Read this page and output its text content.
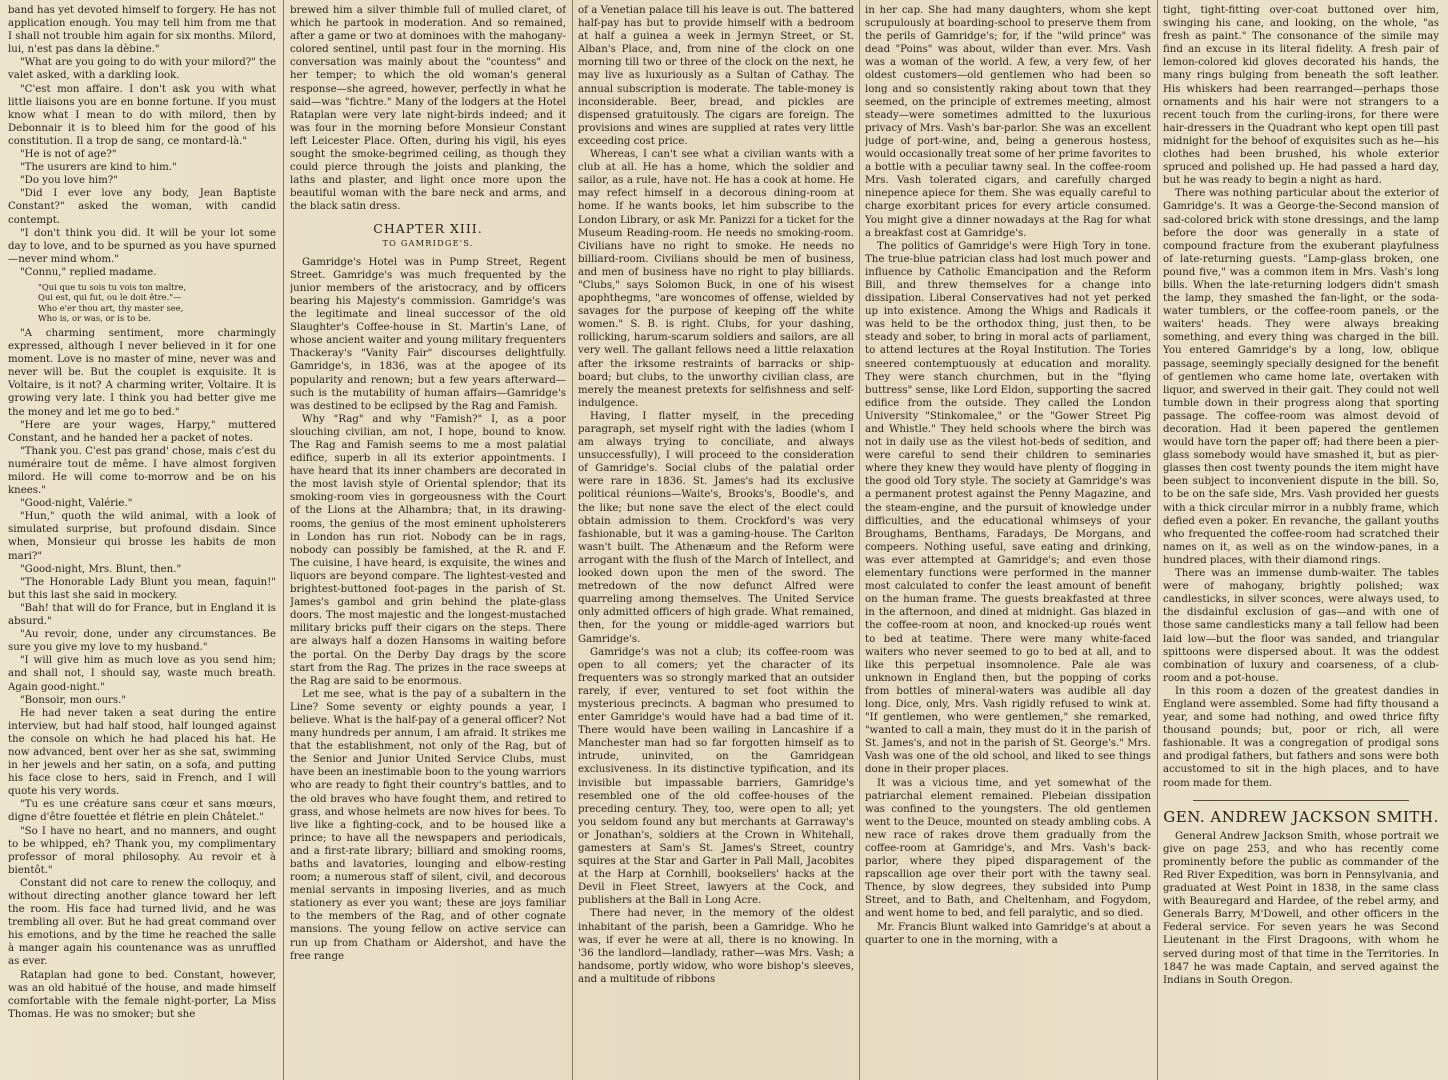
band has yet devoted himself to forgery. He has not application enough. You may tell him from me that I shall not trouble him again for six months. Milord, lui, n'est pas dans la dèbine."

"What are you going to do with your milord?" the valet asked, with a darkling look.

"C'est mon affaire. I don't ask you with what little liaisons you are en bonne fortune. If you must know what I mean to do with milord, then by Debonnair it is to bleed him for the good of his constitution. Il a trop de sang, ce montard-là."

"He is not of age?"

"The usurers are kind to him."

"Do you love him?"

"Did I ever love any body, Jean Baptiste Constant?" asked the woman, with candid contempt.

"I don't think you did. It will be your lot some day to love, and to be spurned as you have spurned—never mind whom."

"Connu," replied madame.

"Qui que tu sois tu vois ton maître,
Qui est, qui fut, ou le doit être."—
Who e'er thou art, thy master see,
Who is, or was, or is to be.

"A charming sentiment, more charmingly expressed, although I never believed in it for one moment. Love is no master of mine, never was and never will be. But the couplet is exquisite. It is Voltaire, is it not? A charming writer, Voltaire. It is growing very late. I think you had better give me the money and let me go to bed."

"Here are your wages, Harpy," muttered Constant, and he handed her a packet of notes.

"Thank you. C'est pas grand' chose, mais c'est du numéraire tout de même. I have almost forgiven milord. He will come to-morrow and be on his knees."

"Good-night, Valérie."

"Hun," quoth the wild animal, with a look of simulated surprise, but profound disdain. Since when, Monsieur qui brosse les habits de mon mari?"

"Good-night, Mrs. Blunt, then."

"The Honorable Lady Blunt you mean, faquin!" but this last she said in mockery.

"Bah! that will do for France, but in England it is absurd."

"Au revoir, done, under any circumstances. Be sure you give my love to my husband."

"I will give him as much love as you send him; and shall not, I should say, waste much breath. Again good-night."

"Bonsoir, mon ours."

He had never taken a seat during the entire interview, but had half stood, half lounged against the console on which he had placed his hat. He now advanced, bent over her as she sat, swimming in her jewels and her satin, on a sofa, and putting his face close to hers, said in French, and I will quote his very words.

"Tu es une créature sans cœur et sans mœurs, digne d'être fouettée et flétrie en plein Châtelet."

"So I have no heart, and no manners, and ought to be whipped, eh? Thank you, my complimentary professor of moral philosophy. Au revoir et à bientôt."

Constant did not care to renew the colloquy, and without directing another glance toward her left the room. His face had turned livid, and he was trembling all over. But he had great command over his emotions, and by the time he reached the salle à manger again his countenance was as unruffled as ever.

Rataplan had gone to bed. Constant, however, was an old habitué of the house, and made himself comfortable with the female night-porter, La Miss Thomas. He was no smoker; but she

brewed him a silver thimble full of mulled claret, of which he partook in moderation. And so remained, after a game or two at dominoes with the mahogany-colored sentinel, until past four in the morning. His conversation was mainly about the "countess" and her temper; to which the old woman's general response—she agreed, however, perfectly in what he said—was "fichtre." Many of the lodgers at the Hotel Rataplan were very late night-birds indeed; and it was four in the morning before Monsieur Constant left Leicester Place. Often, during his vigil, his eyes sought the smoke-begrimed ceiling, as though they could pierce through the joists and planking, the laths and plaster, and light once more upon the beautiful woman with the bare neck and arms, and the black satin dress.

CHAPTER XIII.
TO GAMRIDGE'S.

Gamridge's Hotel was in Pump Street, Regent Street. Gamridge's was much frequented by the junior members of the aristocracy, and by officers bearing his Majesty's commission. Gamridge's was the legitimate and lineal successor of the old Slaughter's Coffee-house in St. Martin's Lane, of whose ancient waiter and young military frequenters Thackeray's "Vanity Fair" discourses delightfully. Gamridge's, in 1836, was at the apogee of its popularity and renown; but a few years afterward—such is the mutability of human affairs—Gamridge's was destined to be eclipsed by the Rag and Famish.

Why "Rag" and why "Famish?" I, as a poor slouching civilian, am not, I hope, bound to know. The Rag and Famish seems to me a most palatial edifice, superb in all its exterior appointments. I have heard that its inner chambers are decorated in the most lavish style of Oriental splendor; that its smoking-room vies in gorgeousness with the Court of the Lions at the Alhambra; that, in its drawing-rooms, the genius of the most eminent upholsterers in London has run riot. Nobody can be in rags, nobody can possibly be famished, at the R. and F. The cuisine, I have heard, is exquisite, the wines and liquors are beyond compare. The lightest-vested and brightest-buttoned foot-pages in the parish of St. James's gambol and grin behind the plate-glass doors. The most majestic and the longest-mustached military bricks puff their cigars on the steps. There are always half a dozen Hansoms in waiting before the portal. On the Derby Day drags by the score start from the Rag. The prizes in the race sweeps at the Rag are said to be enormous.

Let me see, what is the pay of a subaltern in the Line? Some seventy or eighty pounds a year, I believe. What is the half-pay of a general officer? Not many hundreds per annum, I am afraid. It strikes me that the establishment, not only of the Rag, but of the Senior and Junior United Service Clubs, must have been an inestimable boon to the young warriors who are ready to fight their country's battles, and to the old braves who have fought them, and retired to grass, and whose helmets are now hives for bees. To live like a fighting-cock, and to be housed like a prince; to have all the newspapers and periodicals, and a first-rate library; billiard and smoking rooms, baths and lavatories, lounging and elbow-resting room; a numerous staff of silent, civil, and decorous menial servants in imposing liveries, and as much stationery as ever you want; these are joys familiar to the members of the Rag, and of other cognate mansions. The young fellow on active service can run up from Chatham or Aldershot, and have the free range

of a Venetian palace till his leave is out. The battered half-pay has but to provide himself with a bedroom at half a guinea a week in Jermyn Street, or St. Alban's Place, and, from nine of the clock on one morning till two or three of the clock on the next, he may live as luxuriously as a Sultan of Cathay. The annual subscription is moderate. The table-money is inconsiderable. Beer, bread, and pickles are dispensed gratuitously. The cigars are foreign. The provisions and wines are supplied at rates very little exceeding cost price.

Whereas, I can't see what a civilian wants with a club at all. He has a home, which the soldier and sailor, as a rule, have not. He has a cook at home. He may refect himself in a decorous dining-room at home. If he wants books, let him subscribe to the London Library, or ask Mr. Panizzi for a ticket for the Museum Reading-room. He needs no smoking-room. Civilians have no right to smoke. He needs no billiard-room. Civilians should be men of business, and men of business have no right to play billiards. "Clubs," says Solomon Buck, in one of his wisest apophthegms, "are woncomes of offense, wielded by savages for the purpose of keeping off the white women." S. B. is right. Clubs, for your dashing, rollicking, harum-scarum soldiers and sailors, are all very well. The gallant fellows need a little relaxation after the irksome restraints of barracks or ship-board; but clubs, to the unworthy civilian class, are merely the meanest pretexts for selfishness and self-indulgence.

Having, I flatter myself, in the preceding paragraph, set myself right with the ladies (whom I am always trying to conciliate, and always unsuccessfully), I will proceed to the consideration of Gamridge's. Social clubs of the palatial order were rare in 1836. St. James's had its exclusive political réunions—Waite's, Brooks's, Boodle's, and the like; but none save the elect of the elect could obtain admission to them. Crockford's was very fashionable, but it was a gaming-house. The Carlton wasn't built. The Athenæum and the Reform were arrogant with the flush of the March of Intellect, and looked down upon the men of the sword. The metredown of the now defunct Alfred were quarreling among themselves. The United Service only admitted officers of high grade. What remained, then, for the young or middle-aged warriors but Gamridge's.

Gamridge's was not a club; its coffee-room was open to all comers; yet the character of its frequenters was so strongly marked that an outsider rarely, if ever, ventured to set foot within the mysterious precincts. A bagman who presumed to enter Gamridge's would have had a bad time of it. There would have been wailing in Lancashire if a Manchester man had so far forgotten himself as to intrude, uninvited, on the Gamridgean exclusiveness. In its distinctive typification, and its invisible but impassable barriers, Gamridge's resembled one of the old coffee-houses of the preceding century. They, too, were open to all; yet you seldom found any but merchants at Garraway's or Jonathan's, soldiers at the Crown in Whitehall, gamesters at Sam's St. James's Street, country squires at the Star and Garter in Pall Mall, Jacobites at the Harp at Cornhill, booksellers' hacks at the Devil in Fleet Street, lawyers at the Cock, and publishers at the Ball in Long Acre.

There had never, in the memory of the oldest inhabitant of the parish, been a Gamridge. Who he was, if ever he were at all, there is no knowing. In '36 the landlord—landlady, rather—was Mrs. Vash; a handsome, portly widow, who wore bishop's sleeves, and a multitude of ribbons

in her cap. She had many daughters, whom she kept scrupulously at boarding-school to preserve them from the perils of Gamridge's; for, if the "wild prince" was dead "Poins" was about, wilder than ever. Mrs. Vash was a woman of the world. A few, a very few, of her oldest customers—old gentlemen who had been so long and so consistently raking about town that they seemed, on the principle of extremes meeting, almost steady—were sometimes admitted to the luxurious privacy of Mrs. Vash's bar-parlor. She was an excellent judge of port-wine, and, being a generous hostess, would occasionally treat some of her prime favorites to a bottle with a peculiar tawny seal. In the coffee-room Mrs. Vash tolerated cigars, and carefully charged ninepence apiece for them. She was equally careful to charge exorbitant prices for every article consumed. You might give a dinner nowadays at the Rag for what a breakfast cost at Gamridge's.

The politics of Gamridge's were High Tory in tone. The true-blue patrician class had lost much power and influence by Catholic Emancipation and the Reform Bill, and threw themselves for a change into dissipation. Liberal Conservatives had not yet perked up into existence. Among the Whigs and Radicals it was held to be the orthodox thing, just then, to be steady and sober, to bring in moral acts of parliament, to attend lectures at the Royal Institution. The Tories sneered contemptuously at education and morality. They were stanch churchmen, but in the "flying buttress" sense, like Lord Eldon, supporting the sacred edifice from the outside. They called the London University "Stinkomalee," or the "Gower Street Pig and Whistle." They held schools where the birch was not in daily use as the vilest hot-beds of sedition, and were careful to send their children to seminaries where they knew they would have plenty of flogging in the good old Tory style. The society at Gamridge's was a permanent protest against the Penny Magazine, and the steam-engine, and the pursuit of knowledge under difficulties, and the educational whimseys of your Broughams, Benthams, Faradays, De Morgans, and compeers. Nothing useful, save eating and drinking, was ever attempted at Gamridge's; and even those elementary functions were performed in the manner most calculated to confer the least amount of benefit on the human frame. The guests breakfasted at three in the afternoon, and dined at midnight. Gas blazed in the coffee-room at noon, and knocked-up roués went to bed at teatime. There were many white-faced waiters who never seemed to go to bed at all, and to like this perpetual insomnolence. Pale ale was unknown in England then, but the popping of corks from bottles of mineral-waters was audible all day long. Dice, only, Mrs. Vash rigidly refused to wink at. "If gentlemen, who were gentlemen," she remarked, "wanted to call a main, they must do it in the parish of St. James's, and not in the parish of St. George's." Mrs. Vash was one of the old school, and liked to see things done in their proper places.

It was a vicious time, and yet somewhat of the patriarchal element remained. Plebeian dissipation was confined to the youngsters. The old gentlemen went to the Deuce, mounted on steady ambling cobs. A new race of rakes drove them gradually from the coffee-room at Gamridge's, and Mrs. Vash's back-parlor, where they piped disparagement of the rapscallion age over their port with the tawny seal. Thence, by slow degrees, they subsided into Pump Street, and to Bath, and Cheltenham, and Fogydom, and went home to bed, and fell paralytic, and so died.

Mr. Francis Blunt walked into Gamridge's at about a quarter to one in the morning, with a

tight, tight-fitting over-coat buttoned over him, swinging his cane, and looking, on the whole, "as fresh as paint." The consonance of the simile may find an excuse in its literal fidelity. A fresh pair of lemon-colored kid gloves decorated his hands, the many rings bulging from beneath the soft leather. His whiskers had been rearranged—perhaps those ornaments and his hair were not strangers to a recent touch from the curling-irons, for there were hair-dressers in the Quadrant who kept open till past midnight for the behoof of exquisites such as he—his clothes had been brushed, his whole exterior spruced and polished up. He had passed a hard day, but he was ready to begin a night as hard.

There was nothing particular about the exterior of Gamridge's. It was a George-the-Second mansion of sad-colored brick with stone dressings, and the lamp before the door was generally in a state of compound fracture from the exuberant playfulness of late-returning guests. "Lamp-glass broken, one pound five," was a common item in Mrs. Vash's long bills. When the late-returning lodgers didn't smash the lamp, they smashed the fan-light, or the soda-water tumblers, or the coffee-room panels, or the waiters' heads. They were always breaking something, and every thing was charged in the bill. You entered Gamridge's by a long, low, oblique passage, seemingly specially designed for the benefit of gentlemen who came home late, overtaken with liquor, and swerved in their gait. They could not well tumble down in their progress along that sporting passage. The coffee-room was almost devoid of decoration. Had it been papered the gentlemen would have torn the paper off; had there been a pier-glass somebody would have smashed it, but as pier-glasses then cost twenty pounds the item might have been subject to inconvenient dispute in the bill. So, to be on the safe side, Mrs. Vash provided her guests with a thick circular mirror in a nubbly frame, which defied even a poker. En revanche, the gallant youths who frequented the coffee-room had scratched their names on it, as well as on the window-panes, in a hundred places, with their diamond rings.

There was an immense dumb-waiter. The tables were of mahogany, brightly polished; wax candlesticks, in silver sconces, were always used, to the disdainful exclusion of gas—and with one of those same candlesticks many a tall fellow had been laid low—but the floor was sanded, and triangular spittoons were dispersed about. It was the oddest combination of luxury and coarseness, of a club-room and a pot-house.

In this room a dozen of the greatest dandies in England were assembled. Some had fifty thousand a year, and some had nothing, and owed thrice fifty thousand pounds; but, poor or rich, all were fashionable. It was a congregation of prodigal sons and prodigal fathers, but fathers and sons were both accustomed to sit in the high places, and to have room made for them.

GEN. ANDREW JACKSON SMITH.

General Andrew Jackson Smith, whose portrait we give on page 253, and who has recently come prominently before the public as commander of the Red River Expedition, was born in Pennsylvania, and graduated at West Point in 1838, in the same class with Beauregard and Hardee, of the rebel army, and Generals Barry, M'Dowell, and other officers in the Federal service. For seven years he was Second Lieutenant in the First Dragoons, with whom he served during most of that time in the Territories. In 1847 he was made Captain, and served against the Indians in South Oregon.
